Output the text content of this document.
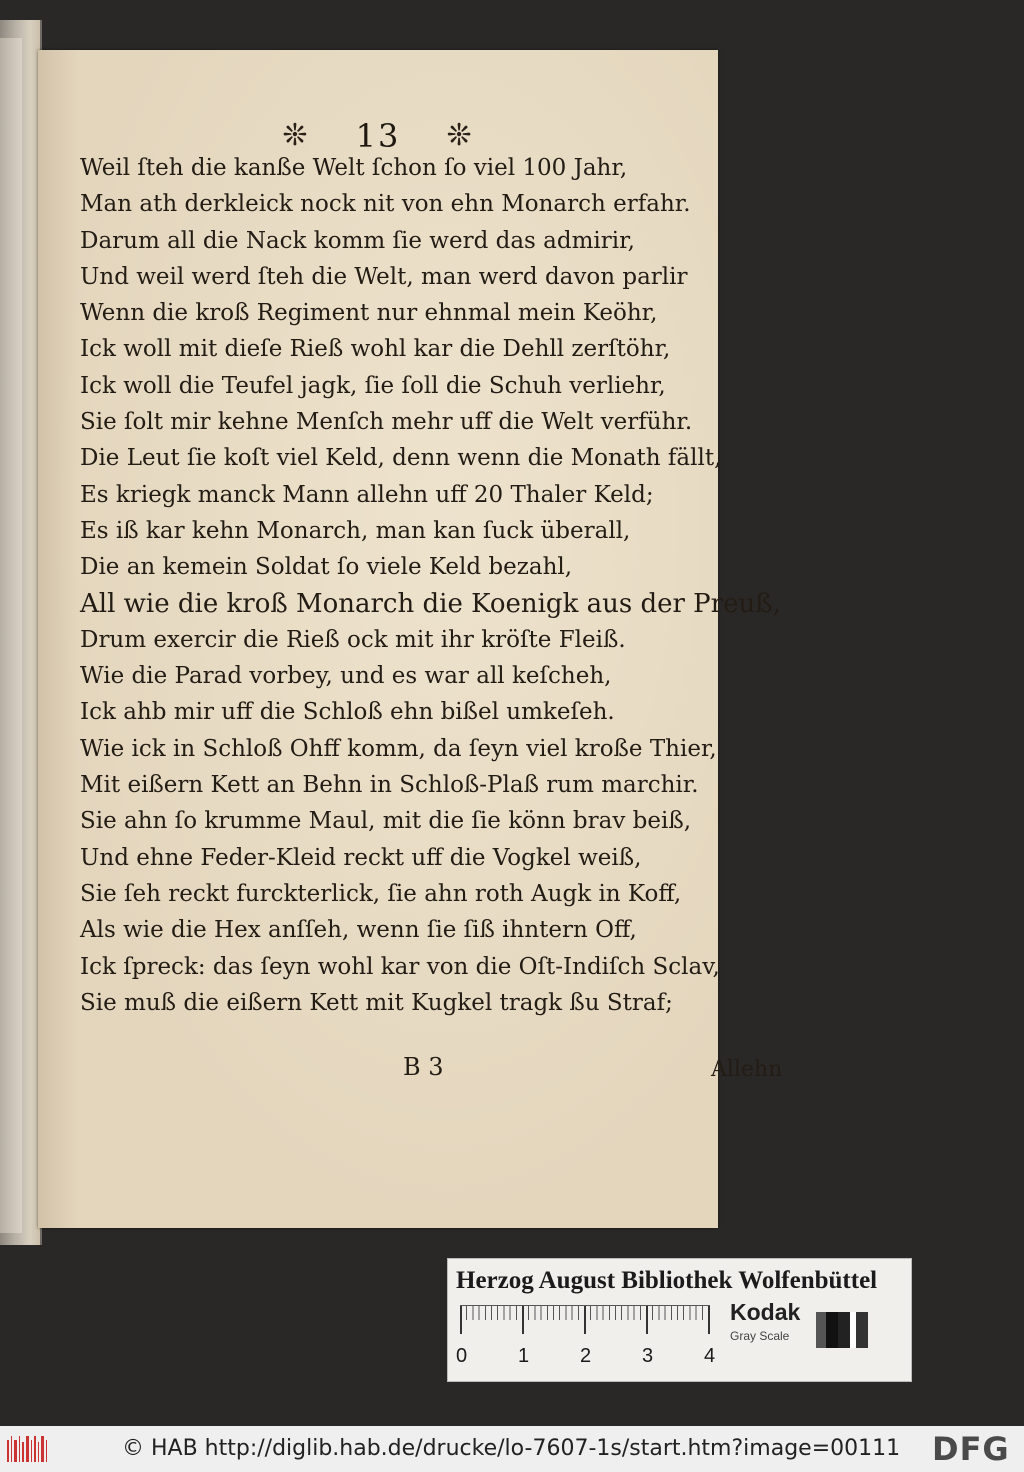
❊ 13 ❊
Weil ſteh die kanße Welt ſchon ſo viel 100 Jahr,
Man ath derkleick nock nit von ehn Monarch erfahr.
Darum all die Nack komm ſie werd das admirir,
Und weil werd ſteh die Welt, man werd davon parlir
Wenn die kroß Regiment nur ehnmal mein Keöhr,
Ick woll mit dieſe Rieß wohl kar die Dehll zerſtöhr,
Ick woll die Teufel jagk, ſie ſoll die Schuh verliehr,
Sie ſolt mir kehne Menſch mehr uff die Welt verführ.
Die Leut ſie koſt viel Keld, denn wenn die Monath fällt,
Es kriegk manck Mann allehn uff 20 Thaler Keld;
Es iß kar kehn Monarch, man kan ſuck überall,
Die an kemein Soldat ſo viele Keld bezahl,
All wie die kroß Monarch die Koenigk aus der Preuß,
Drum exercir die Rieß ock mit ihr kröſte Fleiß.
Wie die Parad vorbey, und es war all keſcheh,
Ick ahb mir uff die Schloß ehn bißel umkeſeh.
Wie ick in Schloß Ohff komm, da ſeyn viel kroße Thier,
Mit eißern Kett an Behn in Schloß-Plaß rum marchir.
Sie ahn ſo krumme Maul, mit die ſie könn brav beiß,
Und ehne Feder-Kleid reckt uff die Vogkel weiß,
Sie ſeh reckt furckterlick, ſie ahn roth Augk in Koff,
Als wie die Hex anſſeh, wenn ſie ſiß ihntern Off,
Ick ſpreck: das ſeyn wohl kar von die Oſt-Indiſch Sclav,
Sie muß die eißern Kett mit Kugkel tragk ßu Straf;
B 3	Allehn
Herzog August Bibliothek Wolfenbüttel
0	1	2	3	4
Kodak
Gray Scale
© HAB http://diglib.hab.de/drucke/lo-7607-1s/start.htm?image=00111 DFG
